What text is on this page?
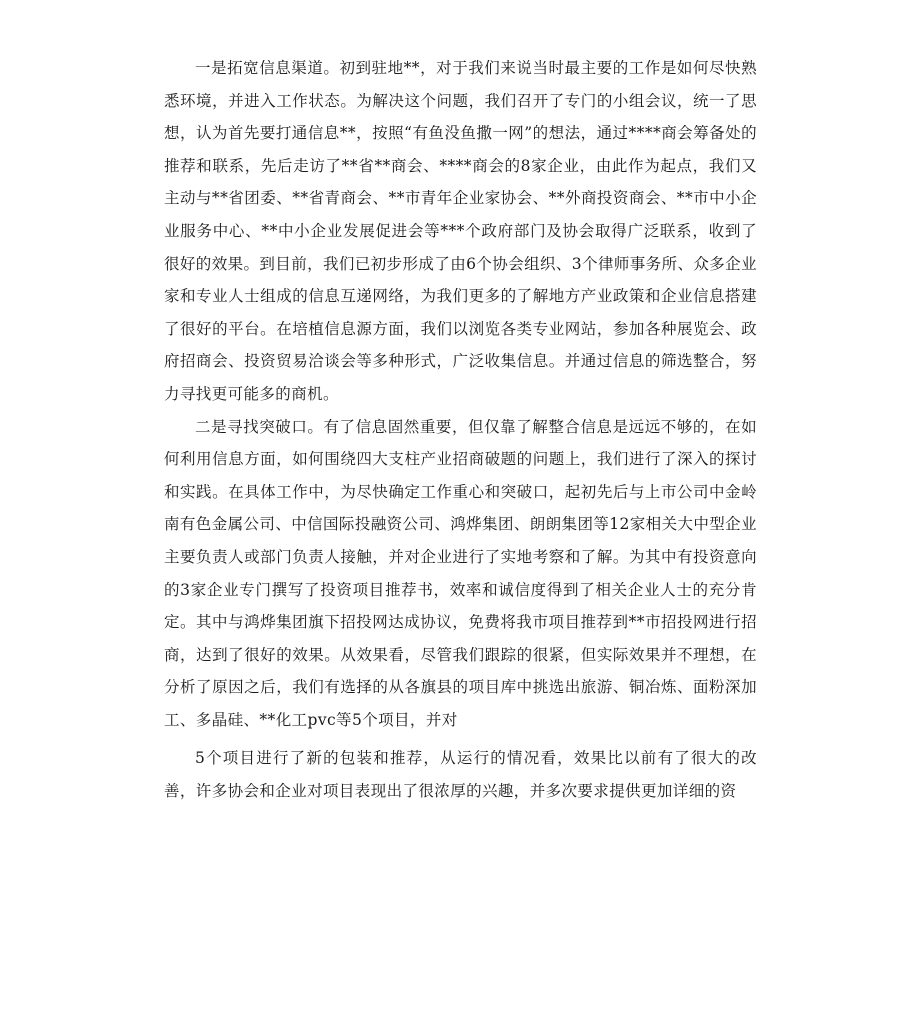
一是拓宽信息渠道。初到驻地**，对于我们来说当时最主要的工作是如何尽快熟悉环境，并进入工作状态。为解决这个问题，我们召开了专门的小组会议，统一了思想，认为首先要打通信息**，按照“有鱼没鱼撒一网”的想法，通过****商会筹备处的推荐和联系，先后走访了**省**商会、****商会的8家企业，由此作为起点，我们又主动与**省团委、**省青商会、**市青年企业家协会、**外商投资商会、**市中小企业服务中心、**中小企业发展促进会等***个政府部门及协会取得广泛联系，收到了很好的效果。到目前，我们已初步形成了由6个协会组织、3个律师事务所、众多企业家和专业人士组成的信息互递网络，为我们更多的了解地方产业政策和企业信息搭建了很好的平台。在培植信息源方面，我们以浏览各类专业网站，参加各种展览会、政府招商会、投资贸易洽谈会等多种形式，广泛收集信息。并通过信息的筛选整合，努力寻找更可能多的商机。

二是寻找突破口。有了信息固然重要，但仅靠了解整合信息是远远不够的，在如何利用信息方面，如何围绕四大支柱产业招商破题的问题上，我们进行了深入的探讨和实践。在具体工作中，为尽快确定工作重心和突破口，起初先后与上市公司中金岭南有色金属公司、中信国际投融资公司、鸿烨集团、朗朗集团等12家相关大中型企业主要负责人或部门负责人接触，并对企业进行了实地考察和了解。为其中有投资意向的3家企业专门撰写了投资项目推荐书，效率和诚信度得到了相关企业人士的充分肯定。其中与鸿烨集团旗下招投网达成协议，免费将我市项目推荐到**市招投网进行招商，达到了很好的效果。从效果看，尽管我们跟踪的很紧，但实际效果并不理想，在分析了原因之后，我们有选择的从各旗县的项目库中挑选出旅游、铜冶炼、面粉深加工、多晶硅、**化工pvc等5个项目，并对

5个项目进行了新的包装和推荐，从运行的情况看，效果比以前有了很大的改善，许多协会和企业对项目表现出了很浓厚的兴趣，并多次要求提供更加详细的资
